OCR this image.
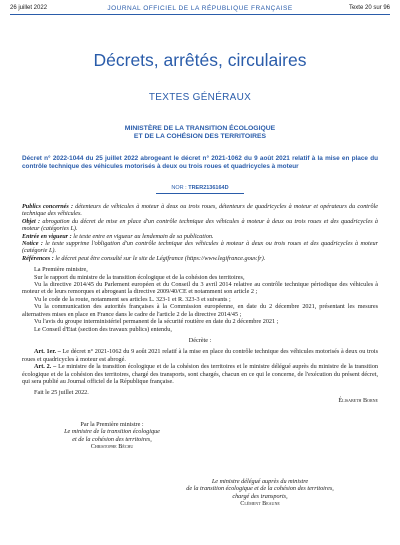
26 juillet 2022	JOURNAL OFFICIEL DE LA RÉPUBLIQUE FRANÇAISE	Texte 20 sur 96
Décrets, arrêtés, circulaires
TEXTES GÉNÉRAUX
MINISTÈRE DE LA TRANSITION ÉCOLOGIQUE
ET DE LA COHÉSION DES TERRITOIRES
Décret n° 2022-1044 du 25 juillet 2022 abrogeant le décret n° 2021-1062 du 9 août 2021 relatif à la mise en place du contrôle technique des véhicules motorisés à deux ou trois roues et quadricycles à moteur
NOR : TRER2136164D

Publics concernés : détenteurs de véhicules à moteur à deux ou trois roues, détenteurs de quadricycles à moteur et opérateurs du contrôle technique des véhicules.

Objet : abrogation du décret de mise en place d'un contrôle technique des véhicules à moteur à deux ou trois roues et des quadricycles à moteur (catégories L).

Entrée en vigueur : le texte entre en vigueur au lendemain de sa publication.

Notice : le texte supprime l'obligation d'un contrôle technique des véhicules à moteur à deux ou trois roues et des quadricycles à moteur (catégorie L).

Références : le décret peut être consulté sur le site de Légifrance (https://www.legifrance.gouv.fr).

La Première ministre,

Sur le rapport du ministre de la transition écologique et de la cohésion des territoires,

Vu la directive 2014/45 du Parlement européen et du Conseil du 3 avril 2014 relative au contrôle technique périodique des véhicules à moteur et de leurs remorques et abrogeant la directive 2009/40/CE et notamment son article 2 ;

Vu le code de la route, notamment ses articles L. 323-1 et R. 323-3 et suivants ;

Vu la communication des autorités françaises à la Commission européenne, en date du 2 décembre 2021, présentant les mesures alternatives mises en place en France dans le cadre de l'article 2 de la directive 2014/45 ;

Vu l'avis du groupe interministériel permanent de la sécurité routière en date du 2 décembre 2021 ;

Le Conseil d'Etat (section des travaux publics) entendu,

Décrète :

Art. 1er. – Le décret n° 2021-1062 du 9 août 2021 relatif à la mise en place du contrôle technique des véhicules motorisés à deux ou trois roues et quadricycles à moteur est abrogé.

Art. 2. – Le ministre de la transition écologique et de la cohésion des territoires et le ministre délégué auprès du ministre de la transition écologique et de la cohésion des territoires, chargé des transports, sont chargés, chacun en ce qui le concerne, de l'exécution du présent décret, qui sera publié au Journal officiel de la République française.

Fait le 25 juillet 2022.

Élisabeth Borne

Par la Première ministre :
Le ministre de la transition écologique
et de la cohésion des territoires,
Christophe Béchu
Le ministre délégué auprès du ministre
de la transition écologique et de la cohésion des territoires,
chargé des transports,
Clément Beaune
